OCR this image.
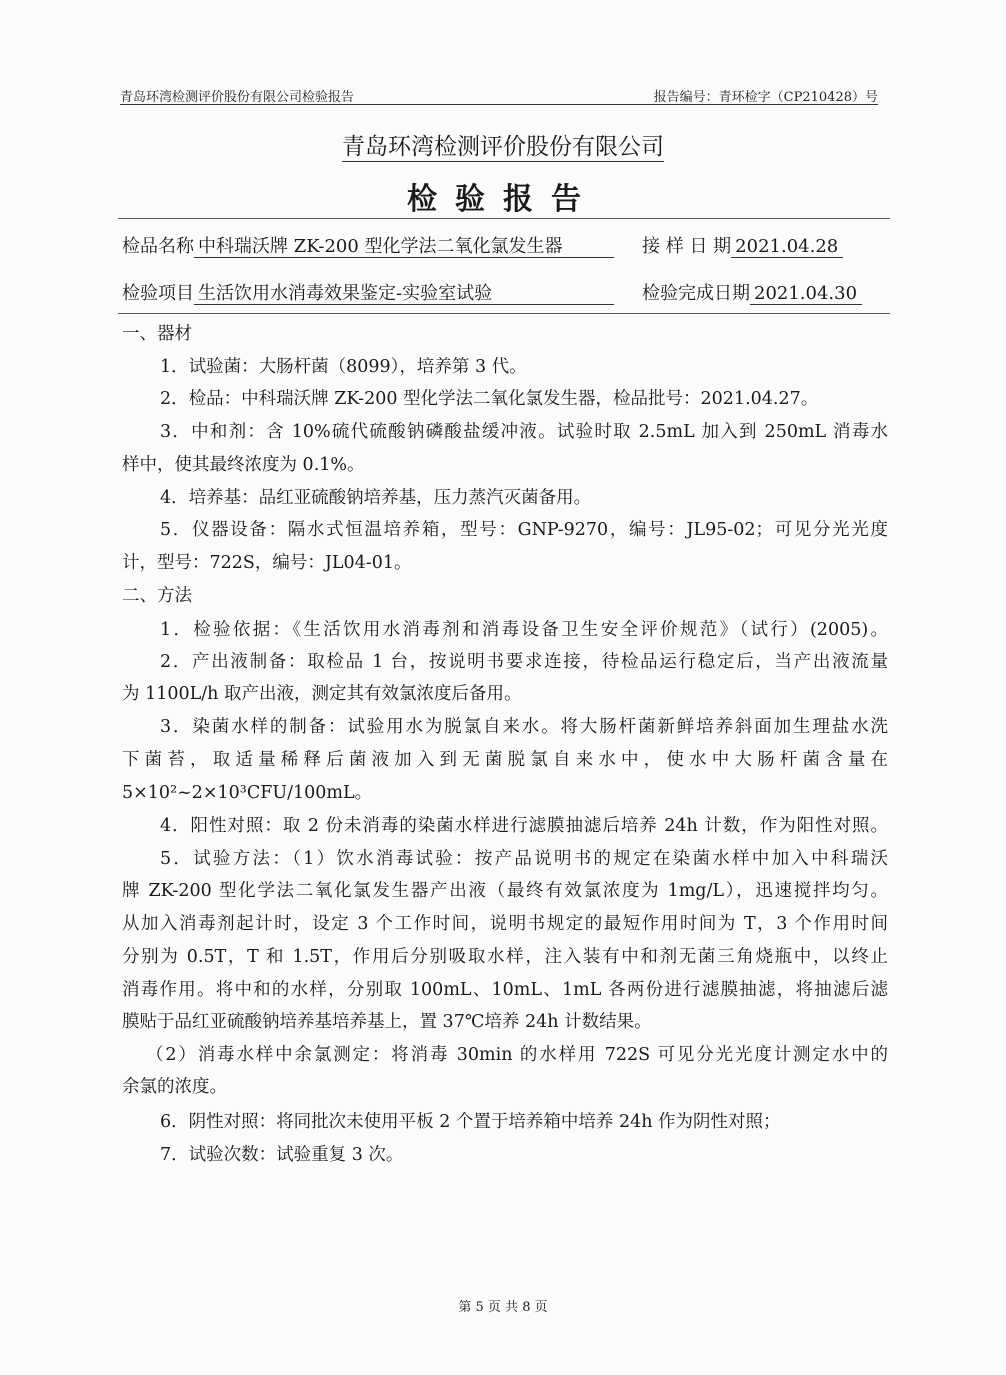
青岛环湾检测评价股份有限公司检验报告	报告编号：青环检字（CP210428）号
青岛环湾检测评价股份有限公司
检验报告
检品名称 中科瑞沃牌 ZK-200 型化学法二氧化氯发生器	接 样 日 期 2021.04.28
检验项目 生活饮用水消毒效果鉴定-实验室试验	检验完成日期 2021.04.30
一、器材
1．试验菌：大肠杆菌（8099），培养第 3 代。
2．检品：中科瑞沃牌 ZK-200 型化学法二氧化氯发生器，检品批号：2021.04.27。
3．中和剂：含 10%硫代硫酸钠磷酸盐缓冲液。试验时取 2.5mL 加入到 250mL 消毒水
样中，使其最终浓度为 0.1%。
4．培养基：品红亚硫酸钠培养基，压力蒸汽灭菌备用。
5．仪器设备：隔水式恒温培养箱，型号：GNP-9270，编号：JL95-02；可见分光光度
计，型号：722S，编号：JL04-01。
二、方法
1．检验依据：《生活饮用水消毒剂和消毒设备卫生安全评价规范》（试行）(2005)。
2．产出液制备：取检品 1 台，按说明书要求连接，待检品运行稳定后，当产出液流量
为 1100L/h 取产出液，测定其有效氯浓度后备用。
3．染菌水样的制备：试验用水为脱氯自来水。将大肠杆菌新鲜培养斜面加生理盐水洗
下菌苔，取适量稀释后菌液加入到无菌脱氯自来水中，使水中大肠杆菌含量在
5×10²~2×10³CFU/100mL。
4．阳性对照：取 2 份未消毒的染菌水样进行滤膜抽滤后培养 24h 计数，作为阳性对照。
5．试验方法：（1）饮水消毒试验：按产品说明书的规定在染菌水样中加入中科瑞沃
牌 ZK-200 型化学法二氧化氯发生器产出液（最终有效氯浓度为 1mg/L），迅速搅拌均匀。
从加入消毒剂起计时，设定 3 个工作时间，说明书规定的最短作用时间为 T，3 个作用时间
分别为 0.5T，T 和 1.5T，作用后分别吸取水样，注入装有中和剂无菌三角烧瓶中，以终止
消毒作用。将中和的水样，分别取 100mL、10mL、1mL 各两份进行滤膜抽滤，将抽滤后滤
膜贴于品红亚硫酸钠培养基培养基上，置 37℃培养 24h 计数结果。
（2）消毒水样中余氯测定：将消毒 30min 的水样用 722S 可见分光光度计测定水中的
余氯的浓度。
6．阴性对照：将同批次未使用平板 2 个置于培养箱中培养 24h 作为阴性对照；
7．试验次数：试验重复 3 次。
第 5 页 共 8 页
